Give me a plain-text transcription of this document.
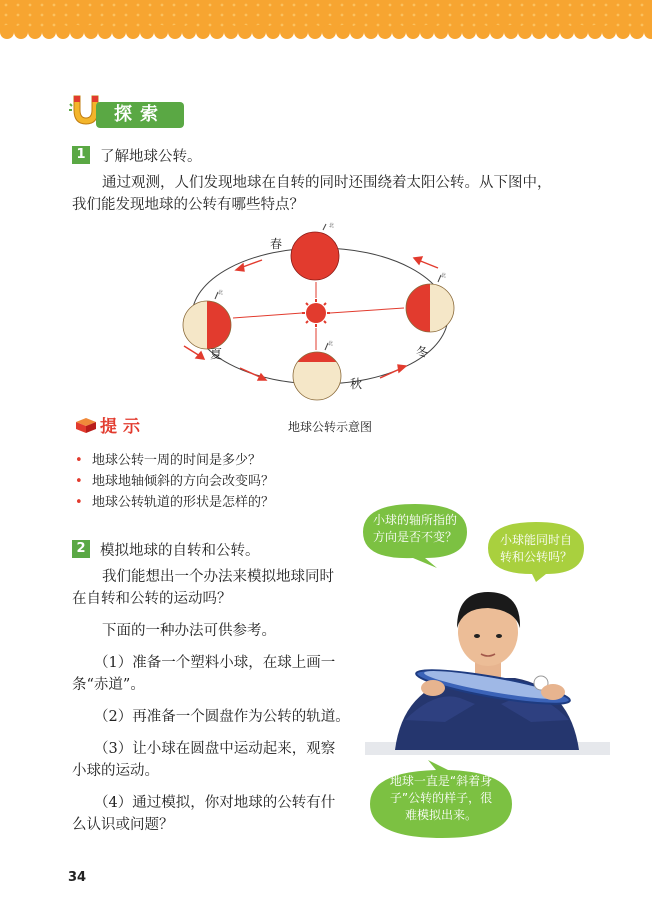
探索
1 了解地球公转。
通过观测，人们发现地球在自转的同时还围绕着太阳公转。从下图中，
我们能发现地球的公转有哪些特点？
春
夏
秋
冬
北
北
北
北
地球公转示意图
提示
• 地球公转一周的时间是多少？
• 地球地轴倾斜的方向会改变吗？
• 地球公转轨道的形状是怎样的？
2 模拟地球的自转和公转。
我们能想出一个办法来模拟地球同时
在自转和公转的运动吗？
下面的一种办法可供参考。
（1）准备一个塑料小球，在球上画一
条“赤道”。
（2）再准备一个圆盘作为公转的轨道。
（3）让小球在圆盘中运动起来，观察
小球的运动。
（4）通过模拟，你对地球的公转有什
么认识或问题？
小球的轴所指的
方向是否不变？	小球能同时自
转和公转吗？
地球一直是“斜着身
子”公转的样子，很
难模拟出来。
34
